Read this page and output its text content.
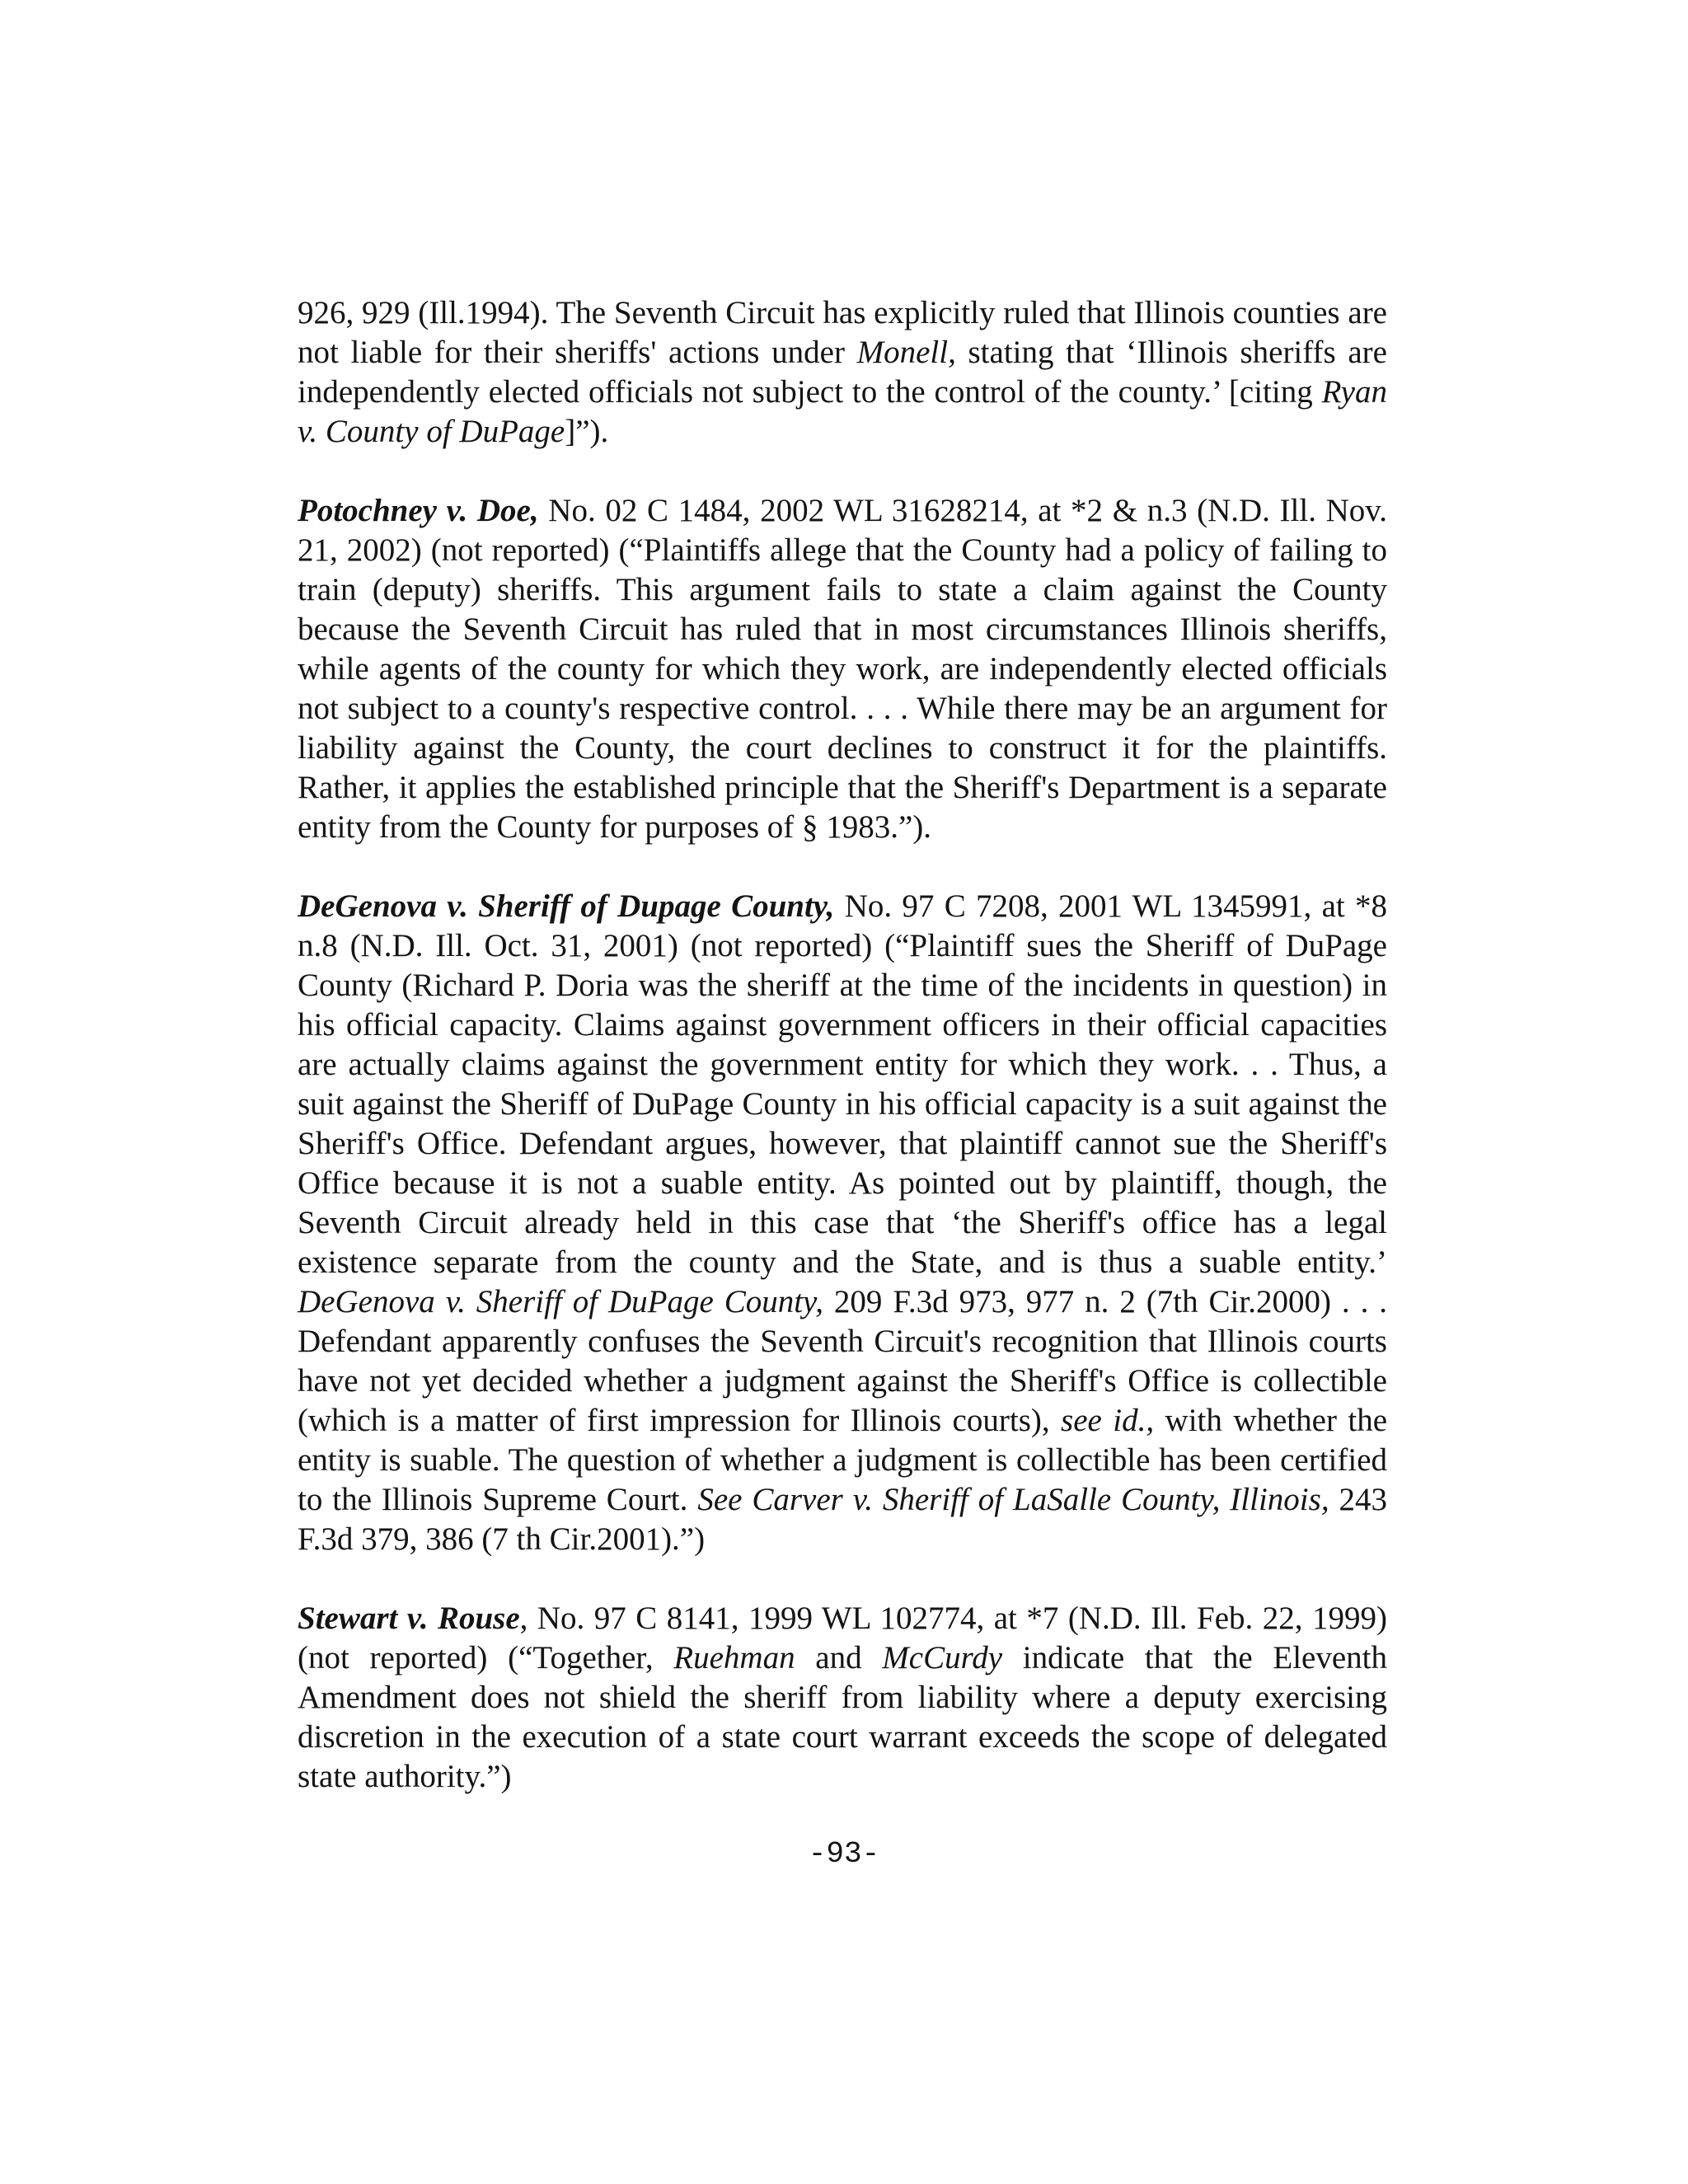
926, 929 (Ill.1994). The Seventh Circuit has explicitly ruled that Illinois counties are not liable for their sheriffs' actions under Monell, stating that ‘Illinois sheriffs are independently elected officials not subject to the control of the county.’ [citing Ryan v. County of DuPage]”).

Potochney v. Doe, No. 02 C 1484, 2002 WL 31628214, at *2 & n.3 (N.D. Ill. Nov. 21, 2002) (not reported) (“Plaintiffs allege that the County had a policy of failing to train (deputy) sheriffs. This argument fails to state a claim against the County because the Seventh Circuit has ruled that in most circumstances Illinois sheriffs, while agents of the county for which they work, are independently elected officials not subject to a county's respective control. . . . While there may be an argument for liability against the County, the court declines to construct it for the plaintiffs. Rather, it applies the established principle that the Sheriff's Department is a separate entity from the County for purposes of § 1983.”).

DeGenova v. Sheriff of Dupage County, No. 97 C 7208, 2001 WL 1345991, at *8 n.8 (N.D. Ill. Oct. 31, 2001) (not reported) (“Plaintiff sues the Sheriff of DuPage County (Richard P. Doria was the sheriff at the time of the incidents in question) in his official capacity. Claims against government officers in their official capacities are actually claims against the government entity for which they work. . . Thus, a suit against the Sheriff of DuPage County in his official capacity is a suit against the Sheriff's Office. Defendant argues, however, that plaintiff cannot sue the Sheriff's Office because it is not a suable entity. As pointed out by plaintiff, though, the Seventh Circuit already held in this case that ‘the Sheriff's office has a legal existence separate from the county and the State, and is thus a suable entity.’ DeGenova v. Sheriff of DuPage County, 209 F.3d 973, 977 n. 2 (7th Cir.2000) . . . Defendant apparently confuses the Seventh Circuit's recognition that Illinois courts have not yet decided whether a judgment against the Sheriff's Office is collectible (which is a matter of first impression for Illinois courts), see id., with whether the entity is suable. The question of whether a judgment is collectible has been certified to the Illinois Supreme Court. See Carver v. Sheriff of LaSalle County, Illinois, 243 F.3d 379, 386 (7 th Cir.2001).”)

Stewart v. Rouse, No. 97 C 8141, 1999 WL 102774, at *7 (N.D. Ill. Feb. 22, 1999) (not reported) (“Together, Ruehman and McCurdy indicate that the Eleventh Amendment does not shield the sheriff from liability where a deputy exercising discretion in the execution of a state court warrant exceeds the scope of delegated state authority.”)

-93-
